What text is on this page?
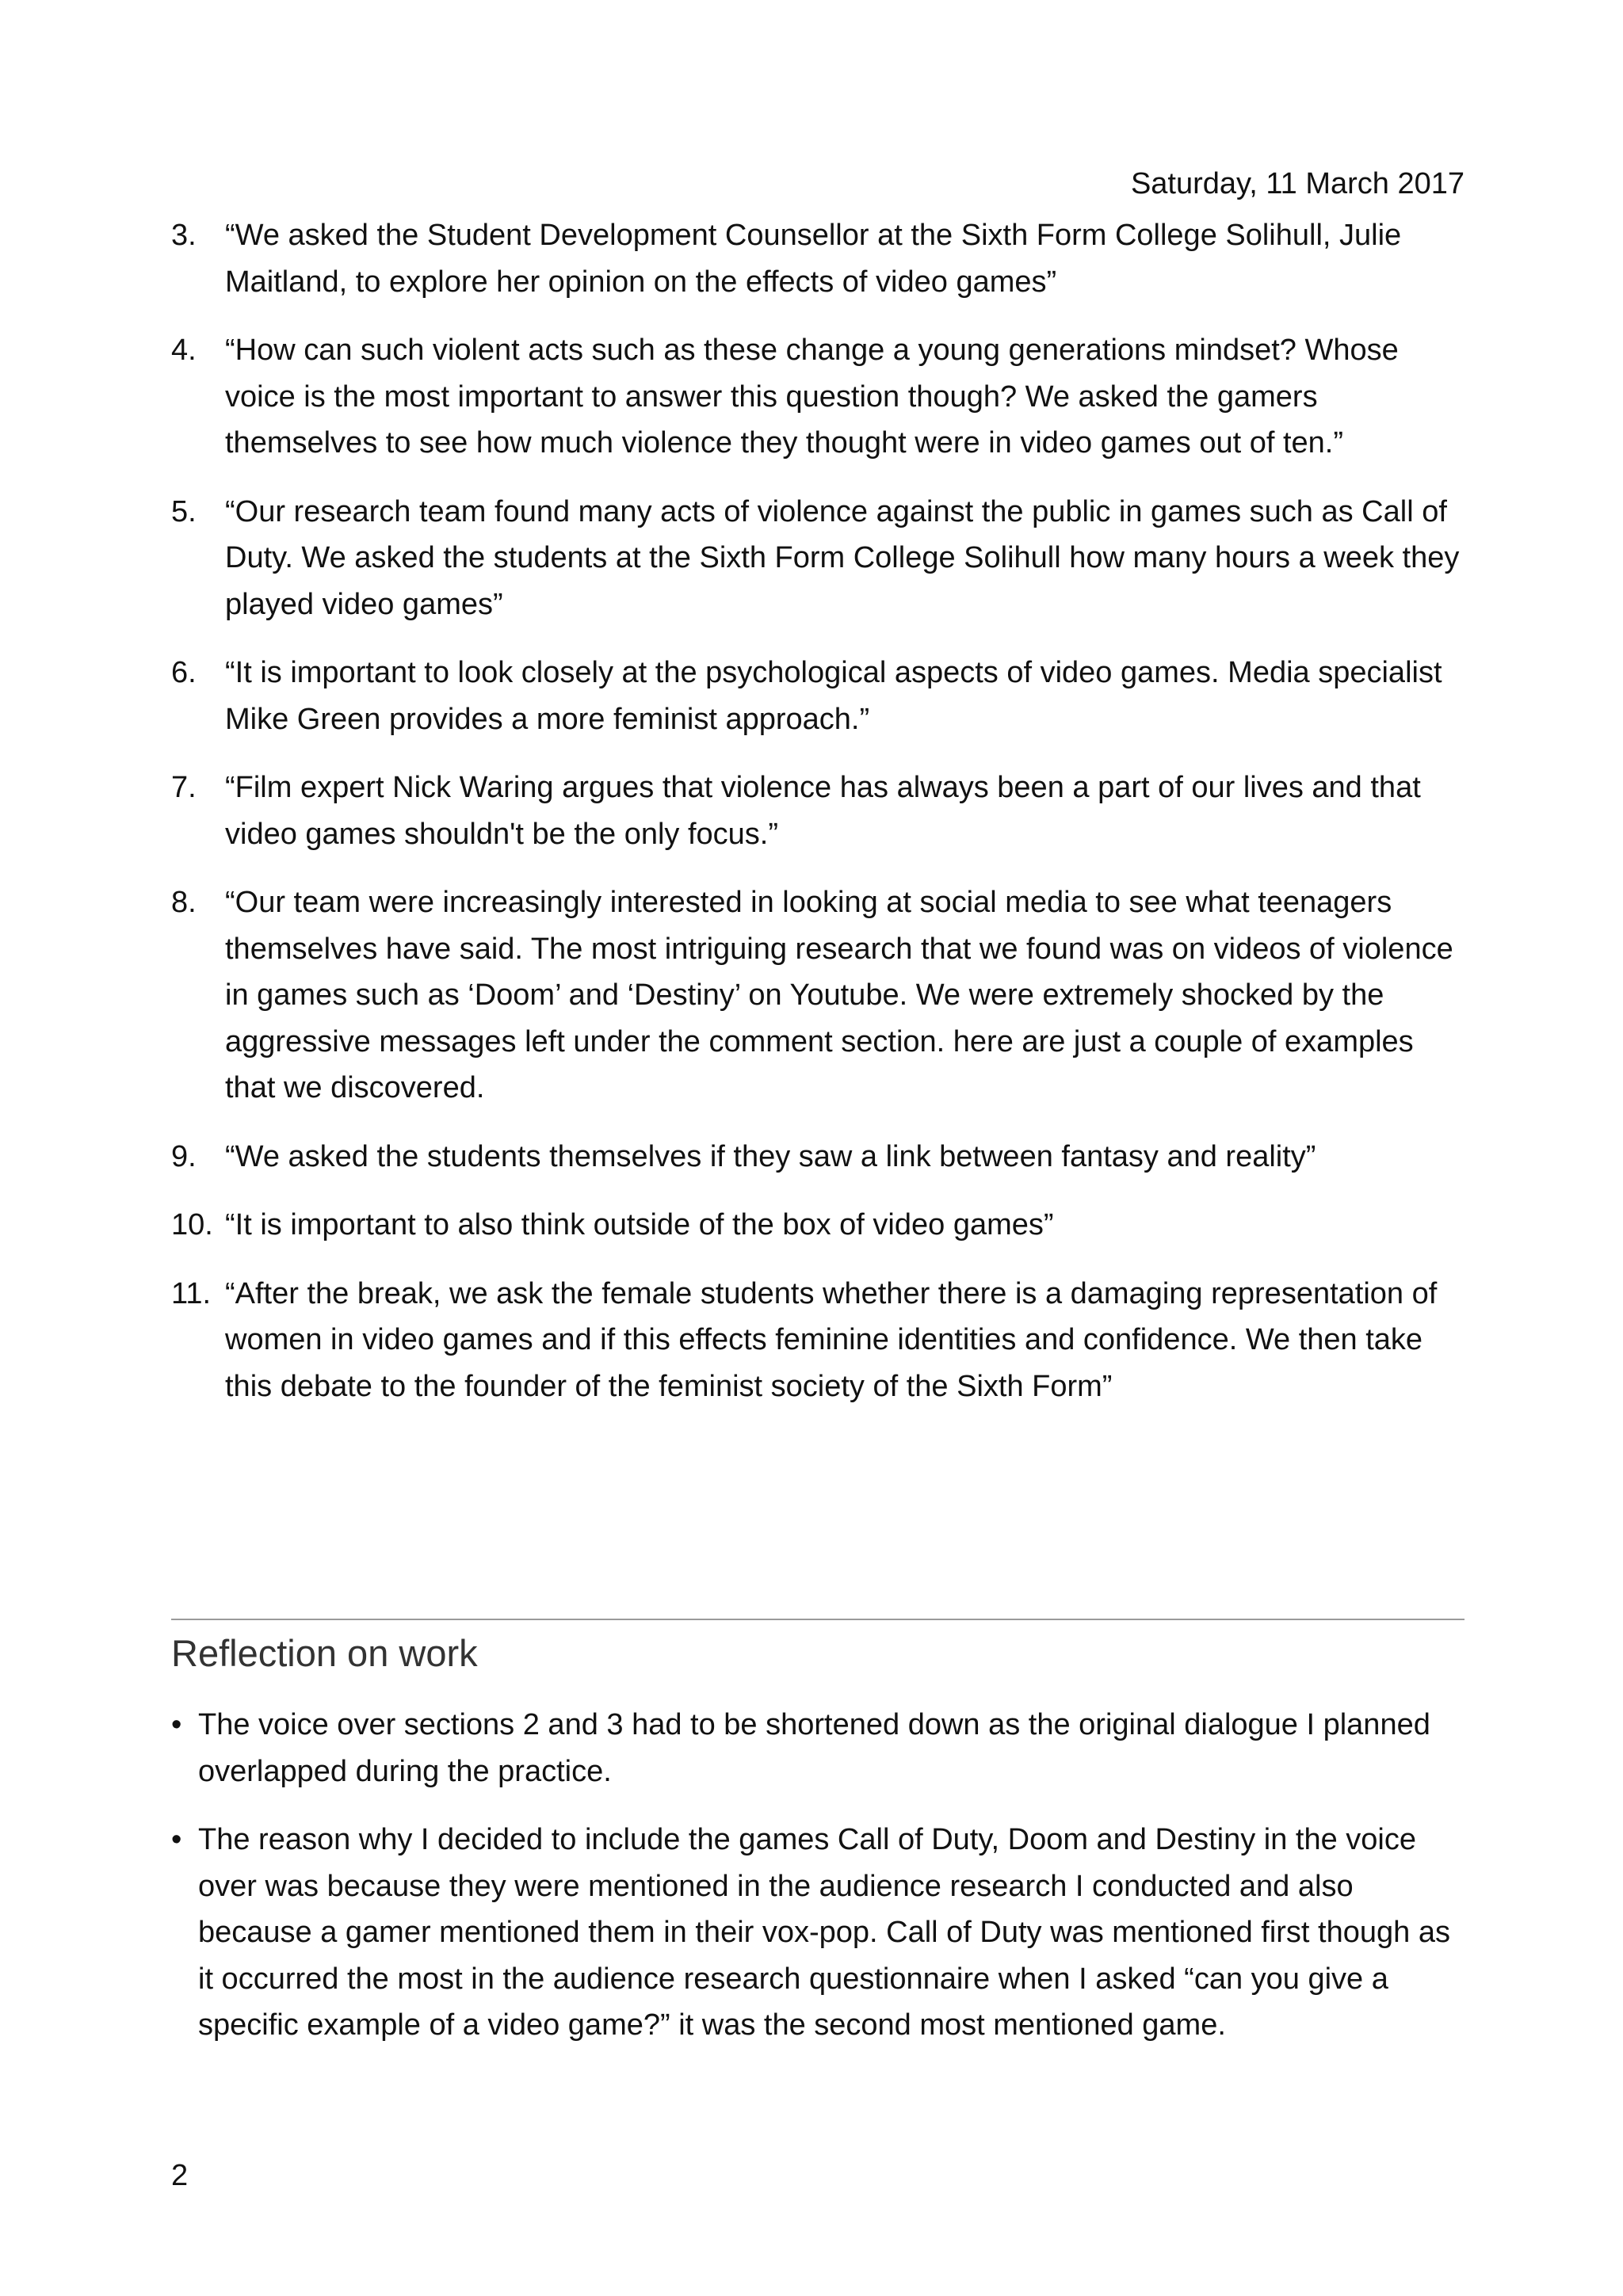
Saturday, 11 March 2017
3. “We asked the Student Development Counsellor at the Sixth Form College Solihull, Julie Maitland, to explore her opinion on the effects of video games”
4. “How can such violent acts such as these change a young generations mindset? Whose voice is the most important to answer this question though? We asked the gamers themselves to see how much violence they thought were in video games out of ten.”
5. “Our research team found many acts of violence against the public in games such as Call of Duty. We asked the students at the Sixth Form College Solihull how many hours a week they played video games”
6. “It is important to look closely at the psychological aspects of video games. Media specialist Mike Green provides a more feminist approach.”
7. “Film expert Nick Waring argues that violence has always been a part of our lives and that video games shouldn't be the only focus.”
8. “Our team were increasingly interested in looking at social media to see what teenagers themselves have said. The most intriguing research that we found was on videos of violence in games such as ‘Doom’ and ‘Destiny’ on Youtube. We were extremely shocked by the aggressive messages left under the comment section. here are just a couple of examples that we discovered.
9. “We asked the students themselves if they saw a link between fantasy and reality”
10. “It is important to also think outside of the box of video games”
11. “After the break, we ask the female students whether there is a damaging representation of women in video games and if this effects feminine identities and confidence. We then take this debate to the founder of the feminist society of the Sixth Form”
Reflection on work
• The voice over sections 2 and 3 had to be shortened down as the original dialogue I planned overlapped during the practice.
• The reason why I decided to include the games Call of Duty, Doom and Destiny in the voice over was because they were mentioned in the audience research I conducted and also because a gamer mentioned them in their vox-pop. Call of Duty was mentioned first though as it occurred the most in the audience research questionnaire when I asked “can you give a specific example of a video game?” it was the second most mentioned game.
2
